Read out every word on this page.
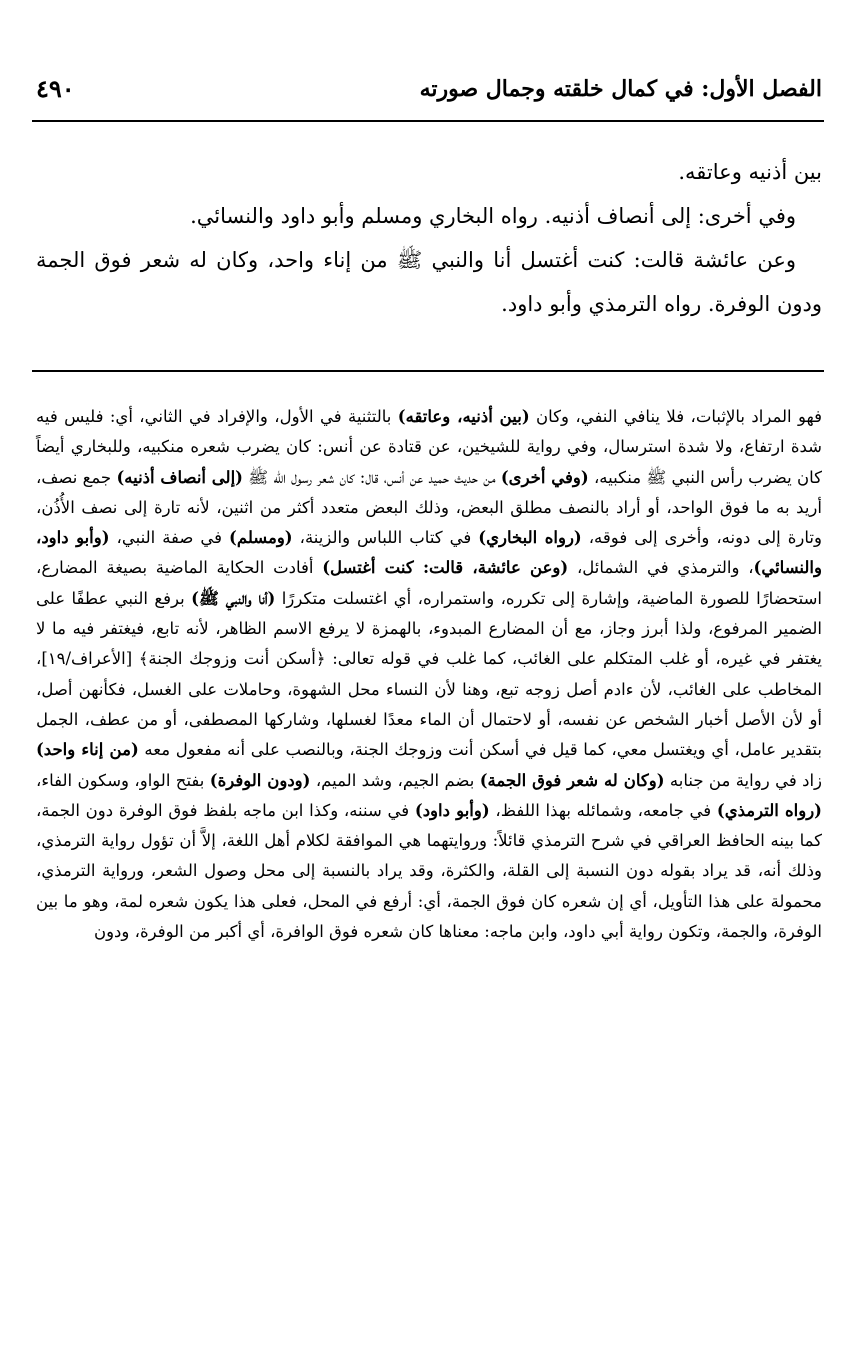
الفصل الأول: في كمال خلقته وجمال صورته
٤٩٠

بين أذنيه وعاتقه.

وفي أخرى: إلى أنصاف أذنيه. رواه البخاري ومسلم وأبو داود والنسائي.

وعن عائشة قالت: كنت أغتسل أنا والنبي ﷺ من إناء واحد، وكان له شعر فوق الجمة ودون الوفرة. رواه الترمذي وأبو داود.

فهو المراد بالإثبات، فلا ينافي النفي، وكان (بين أذنيه، وعاتقه) بالتثنية في الأول، والإفراد في الثاني، أي: فليس فيه شدة ارتفاع، ولا شدة استرسال، وفي رواية للشيخين، عن قتادة عن أنس: كان يضرب شعره منكبيه، وللبخاري أيضاً كان يضرب رأس النبي ﷺ منكبيه، (وفي أخرى) من حديث حميد عن أنس، قال: كان شعر رسول الله ﷺ (إلى أنصاف أذنيه) جمع نصف، أريد به ما فوق الواحد، أو أراد بالنصف مطلق البعض، وذلك البعض متعدد أكثر من اثنين، لأنه تارة إلى نصف الأُذُن، وتارة إلى دونه، وأخرى إلى فوقه، (رواه البخاري) في كتاب اللباس والزينة، (ومسلم) في صفة النبي، (وأبو داود، والنسائي)، والترمذي في الشمائل، (وعن عائشة، قالت: كنت أغتسل) أفادت الحكاية الماضية بصيغة المضارع، استحضارًا للصورة الماضية، وإشارة إلى تكرره، واستمراره، أي اغتسلت متكررًا (أنا والنبي ﷺ) برفع النبي عطفًا على الضمير المرفوع، ولذا أبرز وجاز، مع أن المضارع المبدوء، بالهمزة لا يرفع الاسم الظاهر، لأنه تابع، فيغتفر فيه ما لا يغتفر في غيره، أو غلب المتكلم على الغائب، كما غلب في قوله تعالى: ﴿أسكن أنت وزوجك الجنة﴾ [الأعراف/١٩]، المخاطب على الغائب، لأن ءادم أصل زوجه تبع، وهنا لأن النساء محل الشهوة، وحاملات على الغسل، فكأنهن أصل، أو لأن الأصل أخبار الشخص عن نفسه، أو لاحتمال أن الماء معدًا لغسلها، وشاركها المصطفى، أو من عطف، الجمل بتقدير عامل، أي ويغتسل معي، كما قيل في أسكن أنت وزوجك الجنة، وبالنصب على أنه مفعول معه (من إناء واحد) زاد في رواية من جنابه (وكان له شعر فوق الجمة) بضم الجيم، وشد الميم، (ودون الوفرة) بفتح الواو، وسكون الفاء، (رواه الترمذي) في جامعه، وشمائله بهذا اللفظ، (وأبو داود) في سننه، وكذا ابن ماجه بلفظ فوق الوفرة دون الجمة، كما بينه الحافظ العراقي في شرح الترمذي قائلاً: وروايتهما هي الموافقة لكلام أهل اللغة، إلاَّ أن تؤول رواية الترمذي، وذلك أنه، قد يراد بقوله دون النسبة إلى القلة، والكثرة، وقد يراد بالنسبة إلى محل وصول الشعر، ورواية الترمذي، محمولة على هذا التأويل، أي إن شعره كان فوق الجمة، أي: أرفع في المحل، فعلى هذا يكون شعره لمة، وهو ما بين الوفرة، والجمة، وتكون رواية أبي داود، وابن ماجه: معناها كان شعره فوق الوافرة، أي أكبر من الوفرة، ودون
